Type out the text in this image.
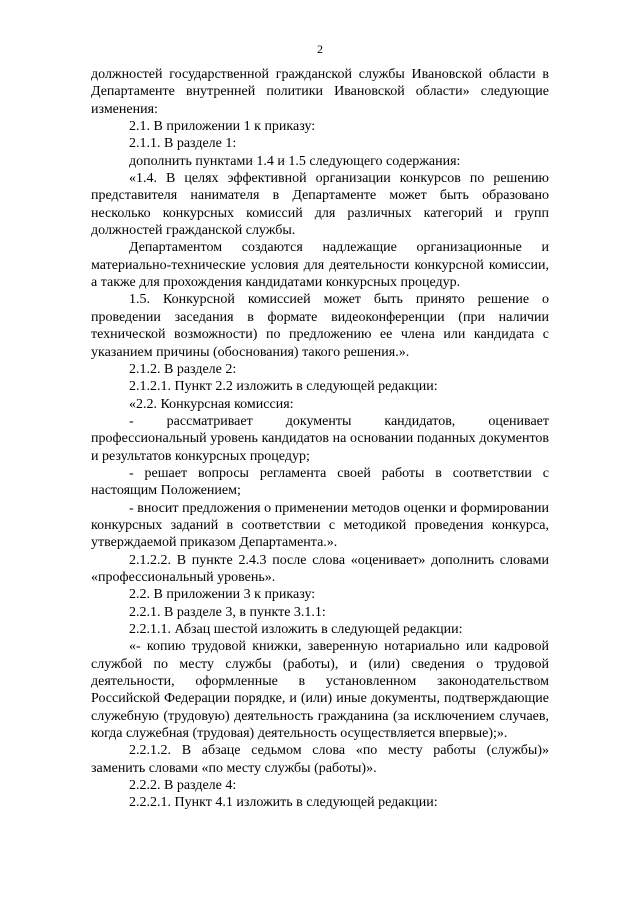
2

должностей государственной гражданской службы Ивановской области в Департаменте внутренней политики Ивановской области» следующие изменения:

2.1. В приложении 1 к приказу:

2.1.1. В разделе 1:

дополнить пунктами 1.4 и 1.5 следующего содержания:

«1.4. В целях эффективной организации конкурсов по решению представителя нанимателя в Департаменте может быть образовано несколько конкурсных комиссий для различных категорий и групп должностей гражданской службы.

Департаментом создаются надлежащие организационные и материально-технические условия для деятельности конкурсной комиссии, а также для прохождения кандидатами конкурсных процедур.

1.5. Конкурсной комиссией может быть принято решение о проведении заседания в формате видеоконференции (при наличии технической возможности) по предложению ее члена или кандидата с указанием причины (обоснования) такого решения.».

2.1.2. В разделе 2:

2.1.2.1. Пункт 2.2 изложить в следующей редакции:

«2.2. Конкурсная комиссия:

- рассматривает документы кандидатов, оценивает профессиональный уровень кандидатов на основании поданных документов и результатов конкурсных процедур;

- решает вопросы регламента своей работы в соответствии с настоящим Положением;

- вносит предложения о применении методов оценки и формировании конкурсных заданий в соответствии с методикой проведения конкурса, утверждаемой приказом Департамента.».

2.1.2.2. В пункте 2.4.3 после слова «оценивает» дополнить словами «профессиональный уровень».

2.2. В приложении 3 к приказу:

2.2.1. В разделе 3, в пункте 3.1.1:

2.2.1.1. Абзац шестой изложить в следующей редакции:

«- копию трудовой книжки, заверенную нотариально или кадровой службой по месту службы (работы), и (или) сведения о трудовой деятельности, оформленные в установленном законодательством Российской Федерации порядке, и (или) иные документы, подтверждающие служебную (трудовую) деятельность гражданина (за исключением случаев, когда служебная (трудовая) деятельность осуществляется впервые);».

2.2.1.2. В абзаце седьмом слова «по месту работы (службы)» заменить словами «по месту службы (работы)».

2.2.2. В разделе 4:

2.2.2.1. Пункт 4.1 изложить в следующей редакции:
